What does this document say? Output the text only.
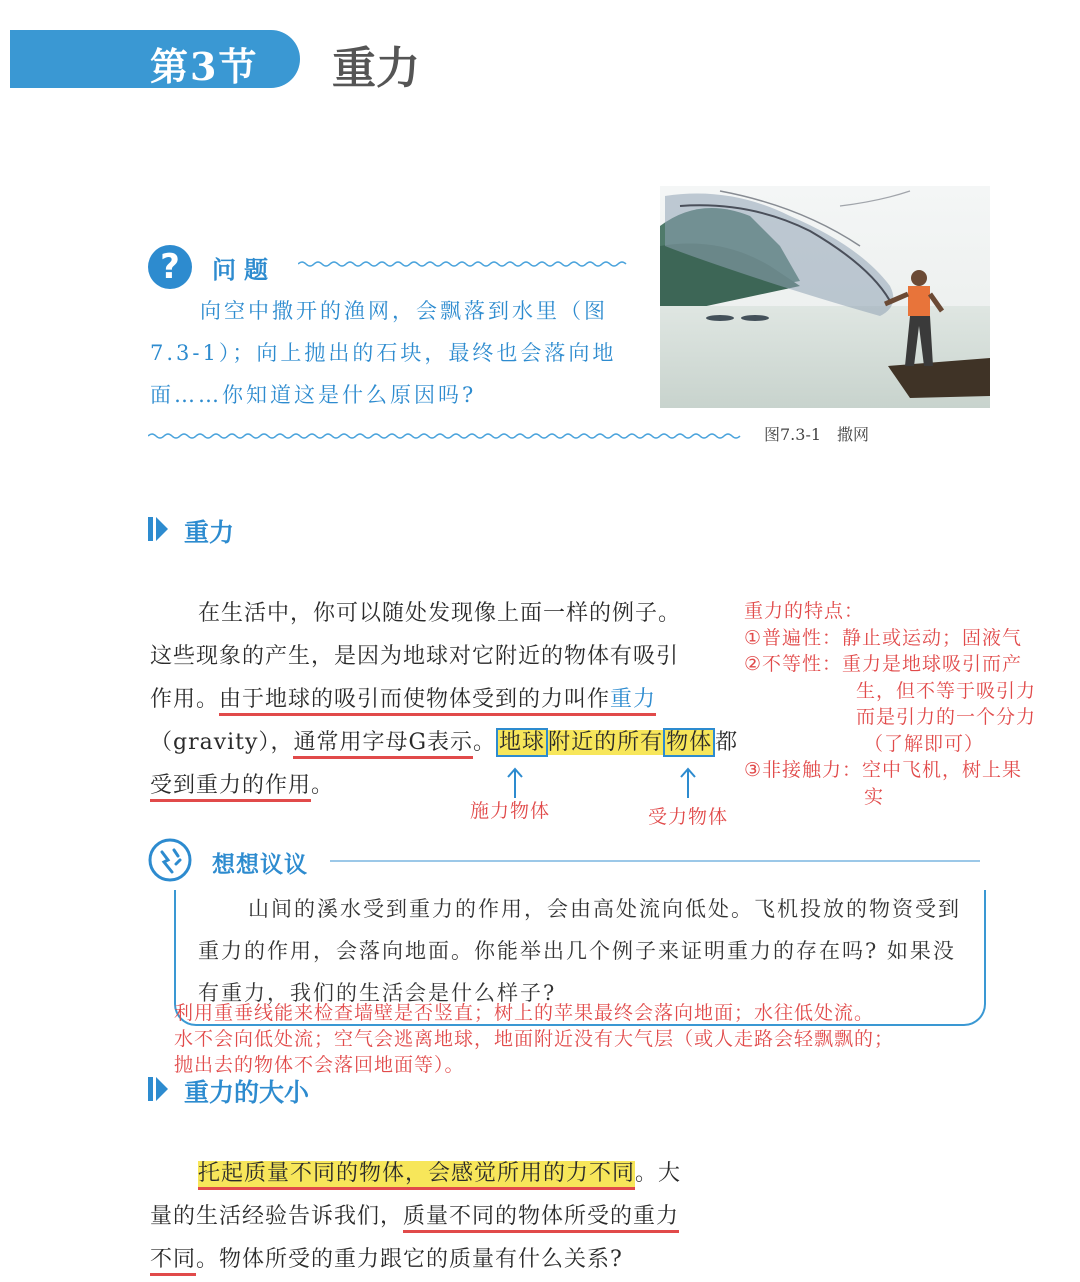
第3节 重力
图7.3-1　撒网
?	问题
向空中撒开的渔网，会飘落到水里（图7.3-1）；向上抛出的石块，最终也会落向地面……你知道这是什么原因吗?
重力
在生活中，你可以随处发现像上面一样的例子。
这些现象的产生，是因为地球对它附近的物体有吸引
作用。由于地球的吸引而使物体受到的力叫作重力
（gravity），通常用字母G表示。 地球 附近的所有 物体 都
受到重力的作用。
施力物体	受力物体
重力的特点：
①普遍性：静止或运动；固液气
②不等性：重力是地球吸引而产
生，但不等于吸引力
而是引力的一个分力
（了解即可）
③非接触力：空中飞机，树上果
实
想想议议
山间的溪水受到重力的作用，会由高处流向低处。飞机投放的物资受到重力的作用，会落向地面。你能举出几个例子来证明重力的存在吗? 如果没有重力，我们的生活会是什么样子?
利用重垂线能来检查墙壁是否竖直；树上的苹果最终会落向地面；水往低处流。
水不会向低处流；空气会逃离地球，地面附近没有大气层（或人走路会轻飘飘的；
抛出去的物体不会落回地面等）。
重力的大小
托起质量不同的物体，会感觉所用的力不同。大
量的生活经验告诉我们，质量不同的物体所受的重力
不同。物体所受的重力跟它的质量有什么关系?
